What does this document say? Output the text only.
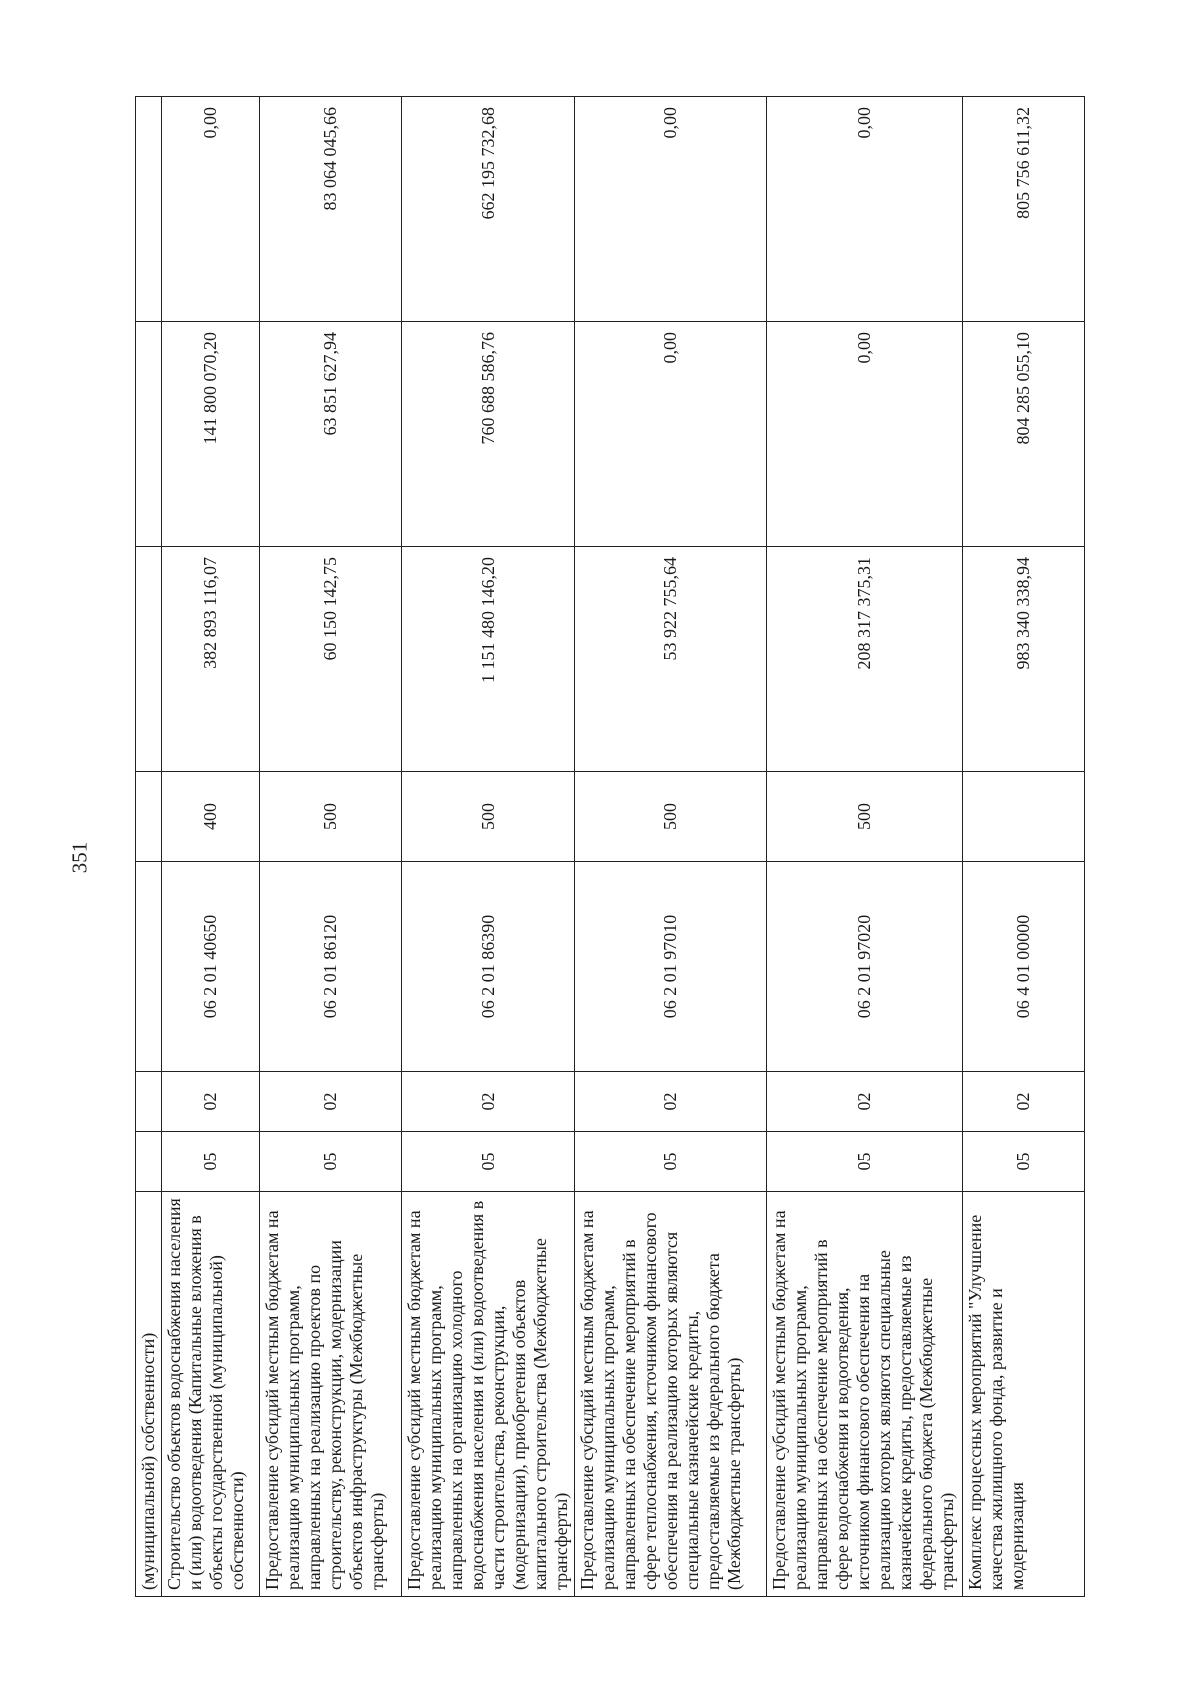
351
(муниципальной) собственности)							
Строительство объектов водоснабжения населения и (или) водоотведения (Капитальные вложения в объекты государственной (муниципальной) собственности)	05	02	06 2 01 40650	400	382 893 116,07	141 800 070,20	0,00
Предоставление субсидий местным бюджетам на реализацию муниципальных программ, направленных на реализацию проектов по строительству, реконструкции, модернизации объектов инфраструктуры (Межбюджетные трансферты)	05	02	06 2 01 86120	500	60 150 142,75	63 851 627,94	83 064 045,66
Предоставление субсидий местным бюджетам на реализацию муниципальных программ, направленных на организацию холодного водоснабжения населения и (или) водоотведения в части строительства, реконструкции, (модернизации), приобретения объектов капитального строительства (Межбюджетные трансферты)	05	02	06 2 01 86390	500	1 151 480 146,20	760 688 586,76	662 195 732,68
Предоставление субсидий местным бюджетам на реализацию муниципальных программ, направленных на обеспечение мероприятий в сфере теплоснабжения, источником финансового обеспечения на реализацию которых являются специальные казначейские кредиты, предоставляемые из федерального бюджета (Межбюджетные трансферты)	05	02	06 2 01 97010	500	53 922 755,64	0,00	0,00
Предоставление субсидий местным бюджетам на реализацию муниципальных программ, направленных на обеспечение мероприятий в сфере водоснабжения и водоотведения, источником финансового обеспечения на реализацию которых являются специальные казначейские кредиты, предоставляемые из федерального бюджета (Межбюджетные трансферты)	05	02	06 2 01 97020	500	208 317 375,31	0,00	0,00
Комплекс процессных мероприятий "Улучшение качества жилищного фонда, развитие и модернизация	05	02	06 4 01 00000		983 340 338,94	804 285 055,10	805 756 611,32
